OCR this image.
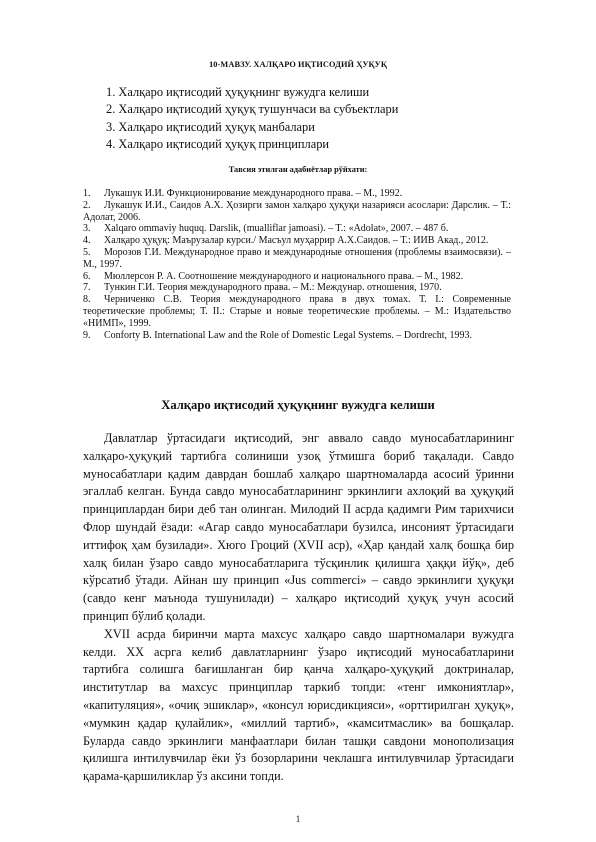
10-МАВЗУ. ХАЛҚАРО ИҚТИСОДИЙ ҲУҚУҚ
1. Халқаро иқтисодий ҳуқуқнинг вужудга келиши
2. Халқаро иқтисодий ҳуқуқ тушунчаси ва субъектлари
3. Халқаро иқтисодий ҳуқуқ манбалари
4. Халқаро иқтисодий ҳуқуқ принциплари
Тавсия этилган адабиётлар рўйхати:
1. Лукашук И.И. Функционирование международного права. – М., 1992.
2. Лукашук И.И., Саидов А.Х. Ҳозирги замон халқаро ҳуқуқи назарияси асослари: Дарслик. – Т.: Адолат, 2006.
3. Xalqaro ommaviy huquq. Darslik, (mualliflar jamoasi). – T.: «Adolat», 2007. – 487 б.
4. Халқаро ҳуқуқ: Маърузалар курси./ Масъул муҳаррир А.Х.Саидов. – Т.: ИИВ Акад., 2012.
5. Морозов Г.И. Международное право и международные отношения (проблемы взаимосвязи). – М., 1997.
6. Мюллерсон Р. А. Соотношение международного и национального права. – М., 1982.
7. Тункин Г.И. Теория международного права. – М.: Междунар. отношения, 1970.
8. Черниченко С.В. Теория международного права в двух томах. Т. I.: Современные теоретические проблемы; Т. II.: Старые и новые теоретические проблемы. – М.: Издательство «НИМП», 1999.
9. Conforty B. International Law and the Role of Domestic Legal Systems. – Dordrecht, 1993.
Халқаро иқтисодий ҳуқуқнинг вужудга келиши

Давлатлар ўртасидаги иқтисодий, энг аввало савдо муносабатларининг халқаро-ҳуқуқий тартибга солиниши узоқ ўтмишга бориб тақалади. Савдо муносабатлари қадим даврдан бошлаб халқаро шартномаларда асосий ўринни эгаллаб келган. Бунда савдо муносабатларининг эркинлиги ахлоқий ва ҳуқуқий принциплардан бири деб тан олинган. Милодий II асрда қадимги Рим тарихчиси Флор шундай ёзади: «Агар савдо муносабатлари бузилса, инсоният ўртасидаги иттифоқ ҳам бузилади». Хюго Гроций (XVII аср), «Ҳар қандай халқ бошқа бир халқ билан ўзаро савдо муносабатларига тўсқинлик қилишга ҳаққи йўқ», деб кўрсатиб ўтади. Айнан шу принцип «Jus commerci» – савдо эркинлиги ҳуқуқи (савдо кенг маънода тушунилади) – халқаро иқтисодий ҳуқуқ учун асосий принцип бўлиб қолади.

XVII асрда биринчи марта махсус халқаро савдо шартномалари вужудга келди. XX асрга келиб давлатларнинг ўзаро иқтисодий муносабатларини тартибга солишга бағишланган бир қанча халқаро-ҳуқуқий доктриналар, институтлар ва махсус принциплар таркиб топди: «тенг имкониятлар», «капитуляция», «очиқ эшиклар», «консул юрисдикцияси», «орттирилган ҳуқуқ», «мумкин қадар қулайлик», «миллий тартиб», «камситмаслик» ва бошқалар. Буларда савдо эркинлиги манфаатлари билан ташқи савдони монополизация қилишга интилувчилар ёки ўз бозорларини чеклашга интилувчилар ўртасидаги қарама-қаршиликлар ўз аксини топди.

1
